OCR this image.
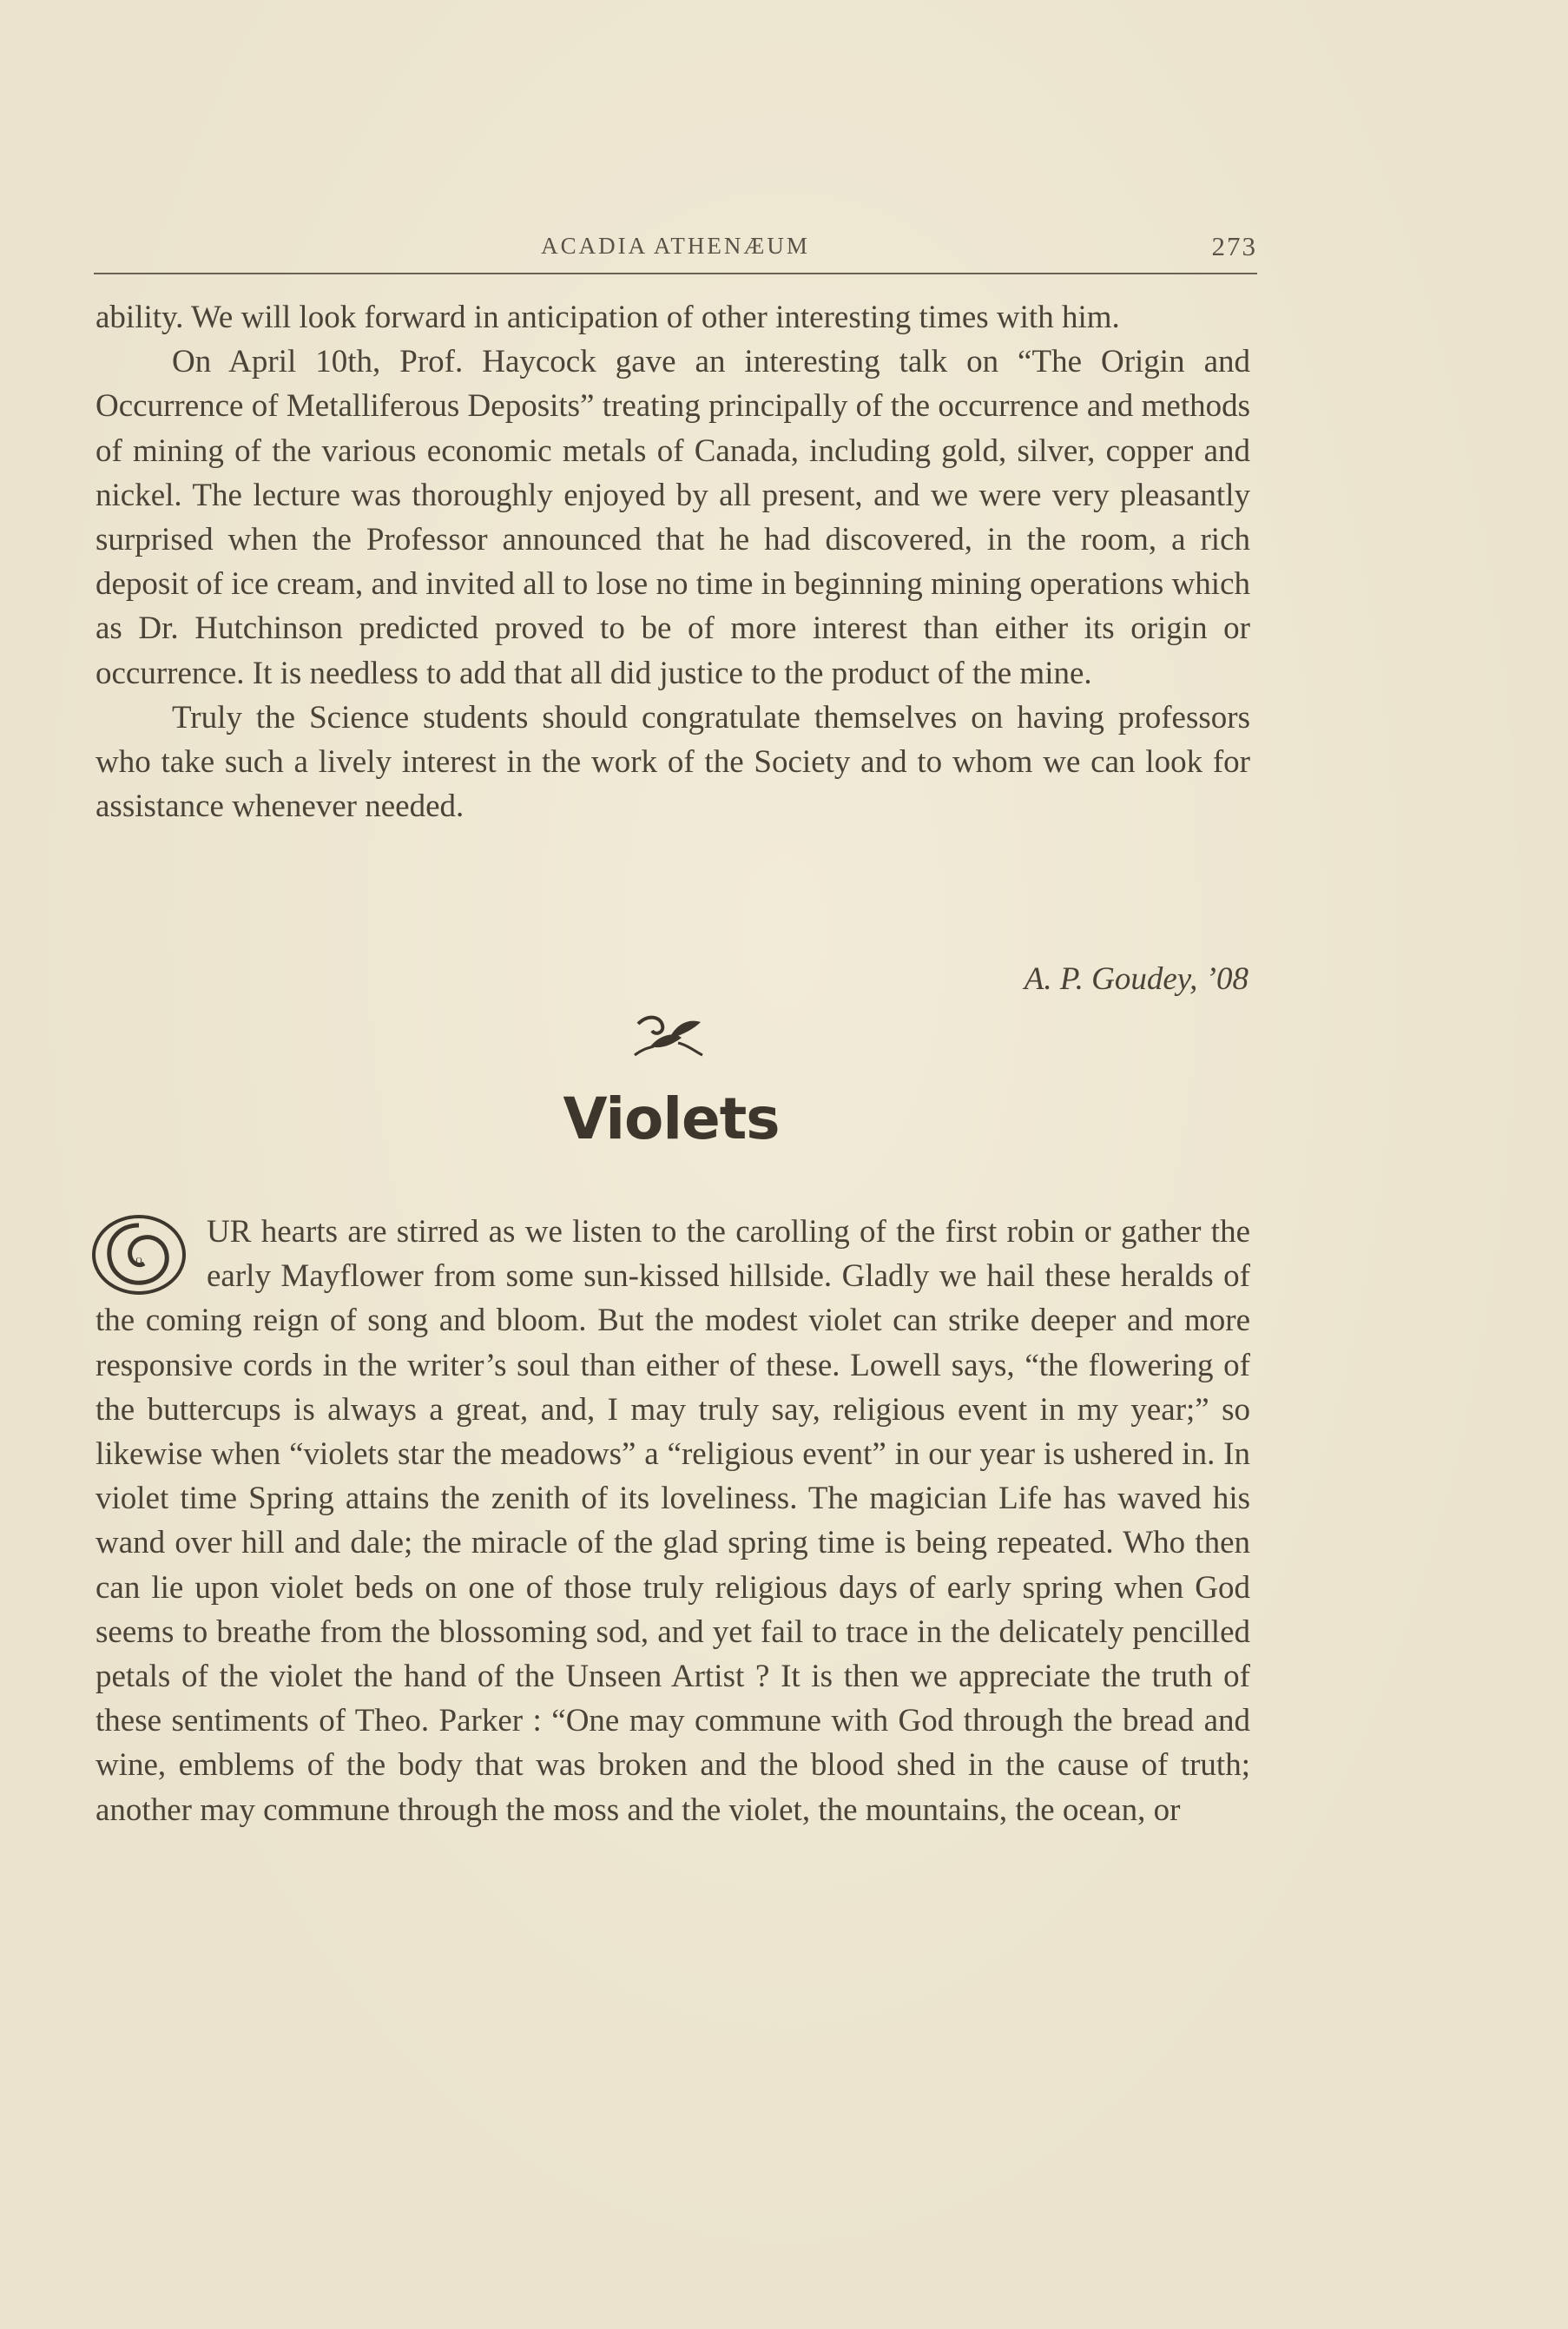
ACADIA ATHENÆUM	273

ability. We will look forward in anticipation of other interesting times with him.

On April 10th, Prof. Haycock gave an interesting talk on “The Origin and Occurrence of Metalliferous Deposits” treating principally of the occurrence and methods of mining of the various economic metals of Canada, including gold, silver, copper and nickel. The lecture was thoroughly enjoyed by all present, and we were very pleasantly surprised when the Professor announced that he had discovered, in the room, a rich deposit of ice cream, and invited all to lose no time in beginning mining operations which as Dr. Hutchinson predicted proved to be of more interest than either its origin or occurrence. It is needless to add that all did justice to the product of the mine.

Truly the Science students should congratulate themselves on having professors who take such a lively interest in the work of the Society and to whom we can look for assistance whenever needed.

A. P. Goudey, ’08
Violets
O

UR hearts are stirred as we listen to the carolling of the first robin or gather the early Mayflower from some sun-kissed hillside. Gladly we hail these heralds of the coming reign of song and bloom. But the modest violet can strike deeper and more responsive cords in the writer’s soul than either of these. Lowell says, “the flowering of the buttercups is always a great, and, I may truly say, religious event in my year;” so likewise when “violets star the meadows” a “religious event” in our year is ushered in. In violet time Spring attains the zenith of its loveliness. The magician Life has waved his wand over hill and dale; the miracle of the glad spring time is being repeated. Who then can lie upon violet beds on one of those truly religious days of early spring when God seems to breathe from the blossoming sod, and yet fail to trace in the delicately pencilled petals of the violet the hand of the Unseen Artist ? It is then we appreciate the truth of these sentiments of Theo. Parker : “One may commune with God through the bread and wine, emblems of the body that was broken and the blood shed in the cause of truth; another may commune through the moss and the violet, the mountains, the ocean, or
